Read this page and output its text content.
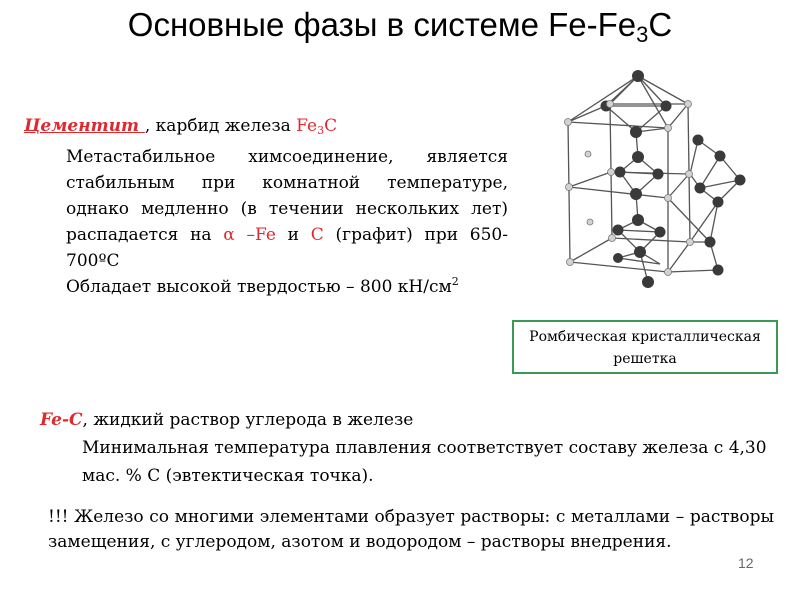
Основные фазы в системе $Fe-Fe_3C$
Цементит , карбид железа $Fe_3C$
Метастабильное химсоединение, является стабильным при комнатной температуре, однако медленно (в течении нескольких лет) распадается на α –Fe и C (графит) при 650-700ºС
Обладает высокой твердостью – 800 $кН/см^2$
Ромбическая кристаллическая решетка
Fe-C, жидкий раствор углерода в железе
Минимальная температура плавления соответствует составу железа с 4,30 мас. % С (эвтектическая точка).
!!! Железо со многими элементами образует растворы: с металлами – растворы замещения, с углеродом, азотом и водородом – растворы внедрения.
12
